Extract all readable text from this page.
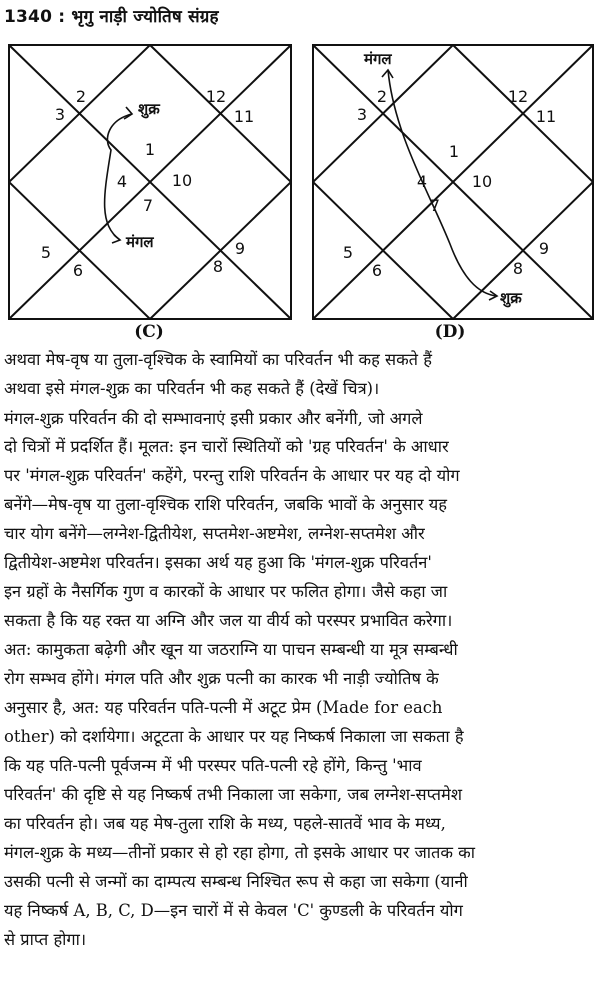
1340 : भृगु नाड़ी ज्योतिष संग्रह
1
2
3
4
5
6
7
8
9
10
11
12
शुक्र
मंगल
(C)
1
2
3
4
5
6
7
8
9
10
11
12
मंगल
शुक्र
(D)
अथवा मेष-वृष या तुला-वृश्चिक के स्वामियों का परिवर्तन भी कह सकते हैं
अथवा इसे मंगल-शुक्र का परिवर्तन भी कह सकते हैं (देखें चित्र)।
मंगल-शुक्र परिवर्तन की दो सम्भावनाएं इसी प्रकार और बनेंगी, जो अगले
दो चित्रों में प्रदर्शित हैं। मूलत: इन चारों स्थितियों को 'ग्रह परिवर्तन' के आधार
पर 'मंगल-शुक्र परिवर्तन' कहेंगे, परन्तु राशि परिवर्तन के आधार पर यह दो योग
बनेंगे—मेष-वृष या तुला-वृश्चिक राशि परिवर्तन, जबकि भावों के अनुसार यह
चार योग बनेंगे—लग्नेश-द्वितीयेश, सप्तमेश-अष्टमेश, लग्नेश-सप्तमेश और
द्वितीयेश-अष्टमेश परिवर्तन। इसका अर्थ यह हुआ कि 'मंगल-शुक्र परिवर्तन'
इन ग्रहों के नैसर्गिक गुण व कारकों के आधार पर फलित होगा। जैसे कहा जा
सकता है कि यह रक्त या अग्नि और जल या वीर्य को परस्पर प्रभावित करेगा।
अत: कामुकता बढ़ेगी और खून या जठराग्नि या पाचन सम्बन्धी या मूत्र सम्बन्धी
रोग सम्भव होंगे। मंगल पति और शुक्र पत्नी का कारक भी नाड़ी ज्योतिष के
अनुसार है, अत: यह परिवर्तन पति-पत्नी में अटूट प्रेम (Made for each
other) को दर्शायेगा। अटूटता के आधार पर यह निष्कर्ष निकाला जा सकता है
कि यह पति-पत्नी पूर्वजन्म में भी परस्पर पति-पत्नी रहे होंगे, किन्तु 'भाव
परिवर्तन' की दृष्टि से यह निष्कर्ष तभी निकाला जा सकेगा, जब लग्नेश-सप्तमेश
का परिवर्तन हो। जब यह मेष-तुला राशि के मध्य, पहले-सातवें भाव के मध्य,
मंगल-शुक्र के मध्य—तीनों प्रकार से हो रहा होगा, तो इसके आधार पर जातक का
उसकी पत्नी से जन्मों का दाम्पत्य सम्बन्ध निश्चित रूप से कहा जा सकेगा (यानी
यह निष्कर्ष A, B, C, D—इन चारों में से केवल 'C' कुण्डली के परिवर्तन योग
से प्राप्त होगा।
